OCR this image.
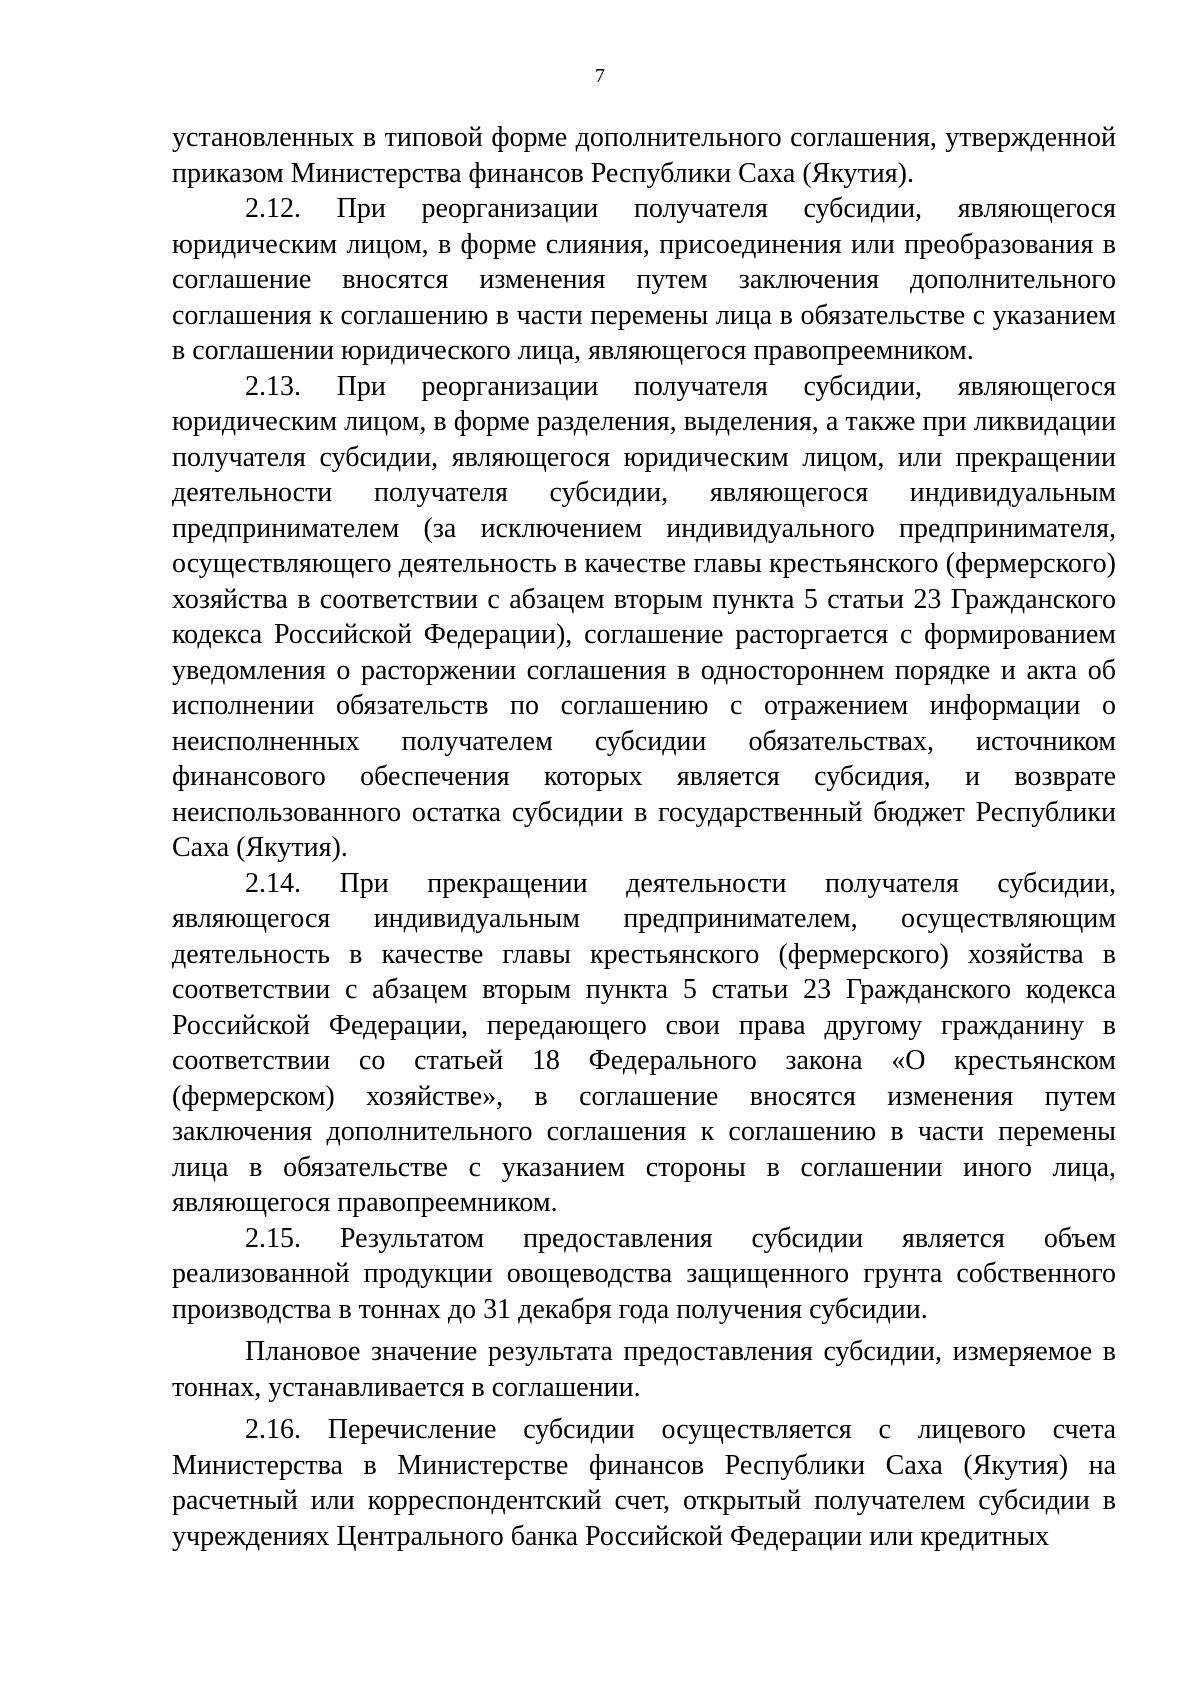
7

установленных в типовой форме дополнительного соглашения, утвержденной приказом Министерства финансов Республики Саха (Якутия).

2.12. При реорганизации получателя субсидии, являющегося юридическим лицом, в форме слияния, присоединения или преобразования в соглашение вносятся изменения путем заключения дополнительного соглашения к соглашению в части перемены лица в обязательстве с указанием в соглашении юридического лица, являющегося правопреемником.

2.13. При реорганизации получателя субсидии, являющегося юридическим лицом, в форме разделения, выделения, а также при ликвидации получателя субсидии, являющегося юридическим лицом, или прекращении деятельности получателя субсидии, являющегося индивидуальным предпринимателем (за исключением индивидуального предпринимателя, осуществляющего деятельность в качестве главы крестьянского (фермерского) хозяйства в соответствии с абзацем вторым пункта 5 статьи 23 Гражданского кодекса Российской Федерации), соглашение расторгается с формированием уведомления о расторжении соглашения в одностороннем порядке и акта об исполнении обязательств по соглашению с отражением информации о неисполненных получателем субсидии обязательствах, источником финансового обеспечения которых является субсидия, и возврате неиспользованного остатка субсидии в государственный бюджет Республики Саха (Якутия).

2.14. При прекращении деятельности получателя субсидии, являющегося индивидуальным предпринимателем, осуществляющим деятельность в качестве главы крестьянского (фермерского) хозяйства в соответствии с абзацем вторым пункта 5 статьи 23 Гражданского кодекса Российской Федерации, передающего свои права другому гражданину в соответствии со статьей 18 Федерального закона «О крестьянском (фермерском) хозяйстве», в соглашение вносятся изменения путем заключения дополнительного соглашения к соглашению в части перемены лица в обязательстве с указанием стороны в соглашении иного лица, являющегося правопреемником.

2.15. Результатом предоставления субсидии является объем реализованной продукции овощеводства защищенного грунта собственного производства в тоннах до 31 декабря года получения субсидии.

Плановое значение результата предоставления субсидии, измеряемое в тоннах, устанавливается в соглашении.

2.16. Перечисление субсидии осуществляется с лицевого счета Министерства в Министерстве финансов Республики Саха (Якутия) на расчетный или корреспондентский счет, открытый получателем субсидии в учреждениях Центрального банка Российской Федерации или кредитных
